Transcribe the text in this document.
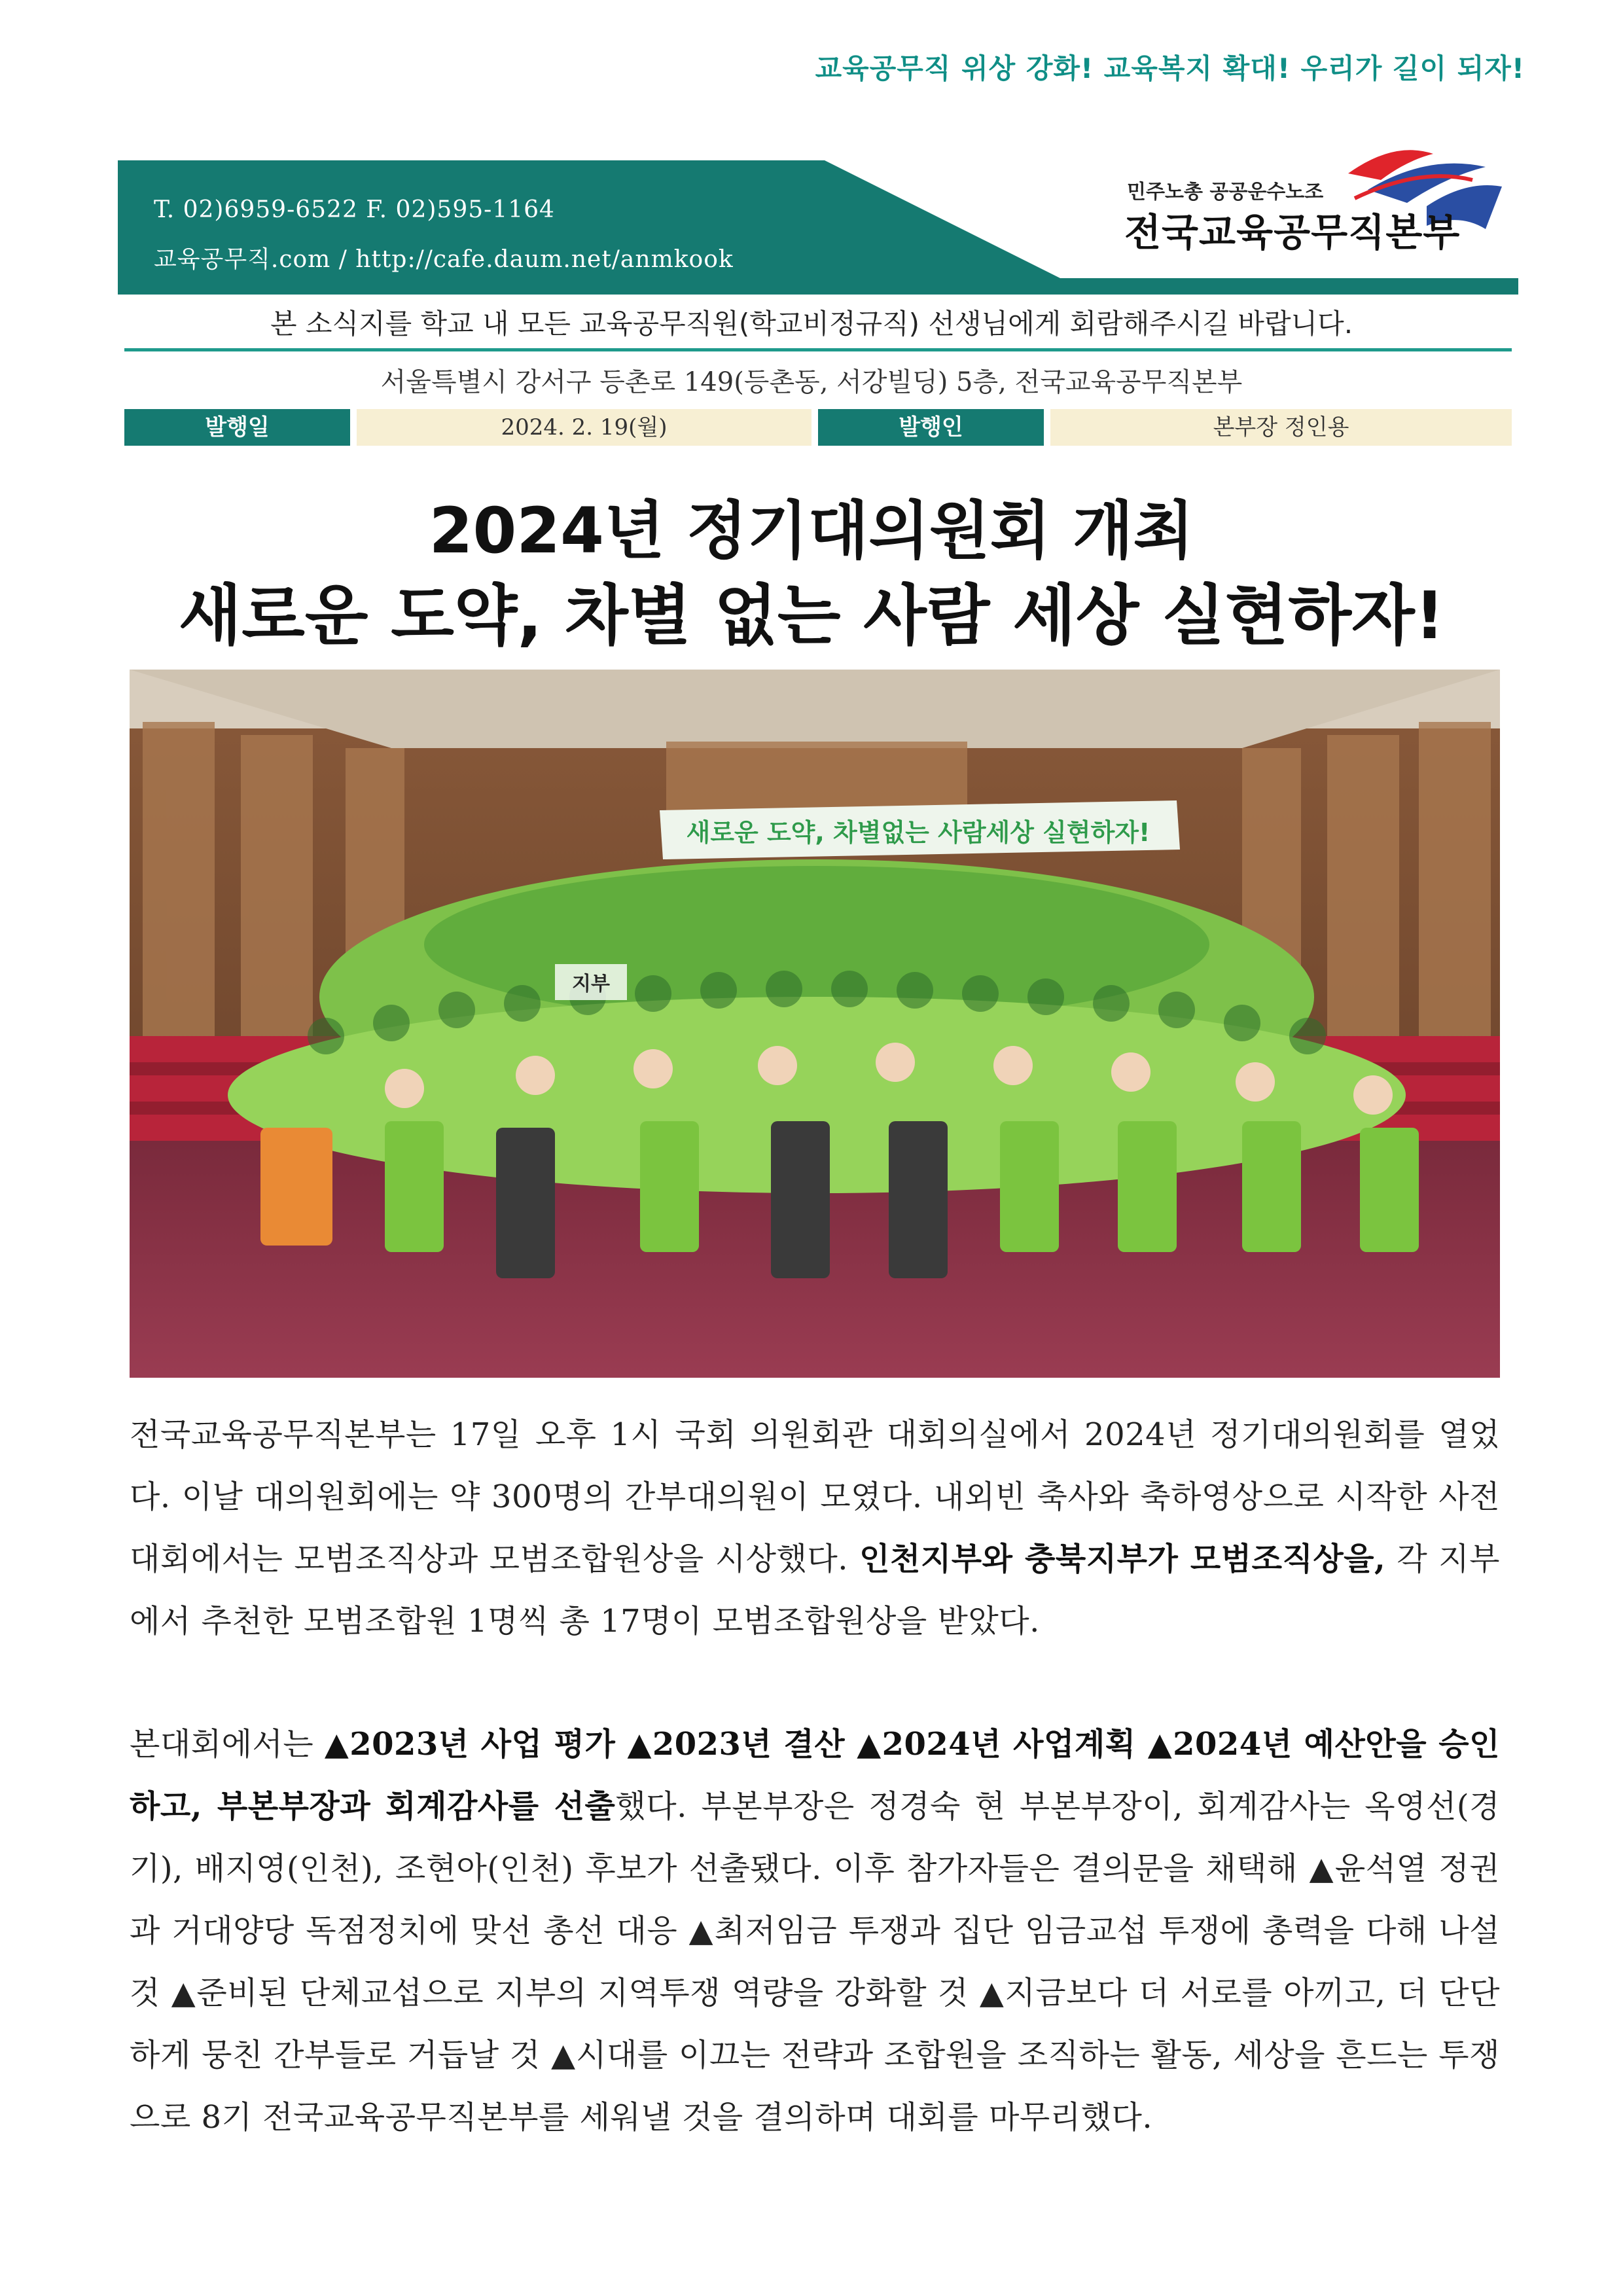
교육공무직 위상 강화! 교육복지 확대! 우리가 길이 되자!
T. 02)6959-6522 F. 02)595-1164
교육공무직.com / http://cafe.daum.net/anmkook
민주노총 공공운수노조
전국교육공무직본부
본 소식지를 학교 내 모든 교육공무직원(학교비정규직) 선생님에게 회람해주시길 바랍니다.
서울특별시 강서구 등촌로 149(등촌동, 서강빌딩) 5층, 전국교육공무직본부
발행일	2024. 2. 19(월)	발행인	본부장 정인용
2024년 정기대의원회 개최
새로운 도약, 차별 없는 사람 세상 실현하자!
새로운 도약, 차별없는 사람세상 실현하자!
지부
전국교육공무직본부는 17일 오후 1시 국회 의원회관 대회의실에서 2024년 정기대의원회를 열었다. 이날 대의원회에는 약 300명의 간부대의원이 모였다. 내외빈 축사와 축하영상으로 시작한 사전대회에서는 모범조직상과 모범조합원상을 시상했다. 인천지부와 충북지부가 모범조직상을, 각 지부에서 추천한 모범조합원 1명씩 총 17명이 모범조합원상을 받았다.
본대회에서는 ▲2023년 사업 평가 ▲2023년 결산 ▲2024년 사업계획 ▲2024년 예산안을 승인하고, 부본부장과 회계감사를 선출했다. 부본부장은 정경숙 현 부본부장이, 회계감사는 옥영선(경기), 배지영(인천), 조현아(인천) 후보가 선출됐다. 이후 참가자들은 결의문을 채택해 ▲윤석열 정권과 거대양당 독점정치에 맞선 총선 대응 ▲최저임금 투쟁과 집단 임금교섭 투쟁에 총력을 다해 나설 것 ▲준비된 단체교섭으로 지부의 지역투쟁 역량을 강화할 것 ▲지금보다 더 서로를 아끼고, 더 단단하게 뭉친 간부들로 거듭날 것 ▲시대를 이끄는 전략과 조합원을 조직하는 활동, 세상을 흔드는 투쟁으로 8기 전국교육공무직본부를 세워낼 것을 결의하며 대회를 마무리했다.
